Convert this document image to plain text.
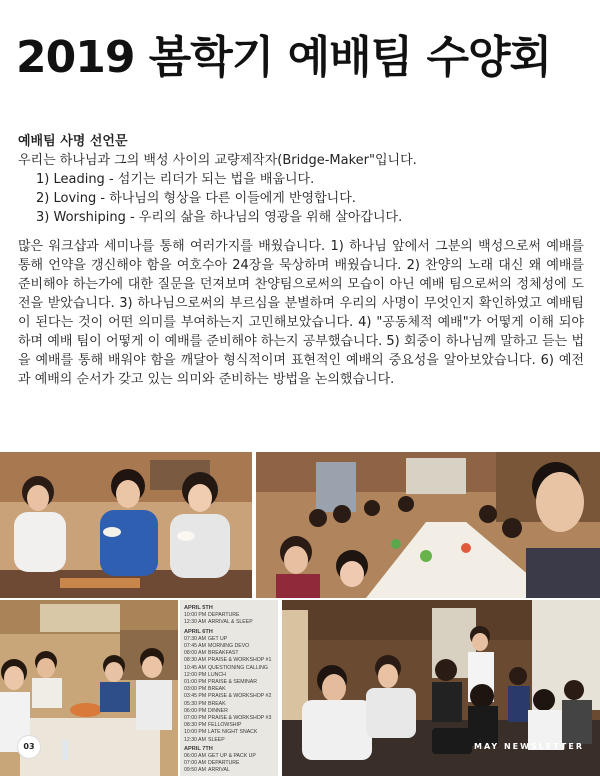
2019 봄학기 예배팀 수양회

예배팀 사명 선언문

우리는 하나님과 그의 백성 사이의 교량제작자(Bridge-Maker"입니다.

1) Leading - 섬기는 리더가 되는 법을 배웁니다.

2) Loving - 하나님의 형상을 다른 이들에게 반영합니다.

3) Worshiping - 우리의 삶을 하나님의 영광을 위해 살아갑니다.

많은 워크샵과 세미나를 통해 여러가지를 배웠습니다. 1) 하나님 앞에서 그분의 백성으로써 예배를 통해 언약을 갱신해야 함을 여호수아 24장을 묵상하며 배웠습니다. 2) 찬양의 노래 대신 왜 예배를 준비해야 하는가에 대한 질문을 던져보며 찬양팀으로써의 모습이 아닌 예배 팀으로써의 정체성에 도전을 받았습니다. 3) 하나님으로써의 부르심을 분별하며 우리의 사명이 무엇인지 확인하였고 예배팀이 된다는 것이 어떤 의미를 부여하는지 고민해보았습니다. 4) "공동체적 예배"가 어떻게 이해 되야 하며 예배 팀이 어떻게 이 예배를 준비해야 하는지 공부했습니다. 5) 회중이 하나님께 말하고 듣는 법을 예배를 통해 배워야 함을 깨달아 형식적이며 표현적인 예배의 중요성을 알아보았습니다. 6) 예전과 예배의 순서가 갖고 있는 의미와 준비하는 방법을 논의했습니다.

APRIL 5TH
10:00 PM DEPARTURE
12:30 AM ARRIVAL & SLEEP
APRIL 6TH
07:30 AM GET UP
07:45 AM MORNING DEVO
08:00 AM BREAKFAST
08:30 AM PRAISE & WORKSHOP #1
10:45 AM QUESTIONING CALLING
12:00 PM LUNCH
01:00 PM PRAISE & SEMINAR
03:00 PM BREAK
03:45 PM PRAISE & WORKSHOP #2
05:30 PM BREAK
06:00 PM DINNER
07:00 PM PRAISE & WORKSHOP #3
08:30 PM FELLOWSHIP
10:00 PM LATE NIGHT SNACK
12:30 AM SLEEP
APRIL 7TH
06:00 AM GET UP & PACK UP
07:00 AM DEPARTURE
09:50 AM ARRIVAL
03	MAY NEWSLETTER
